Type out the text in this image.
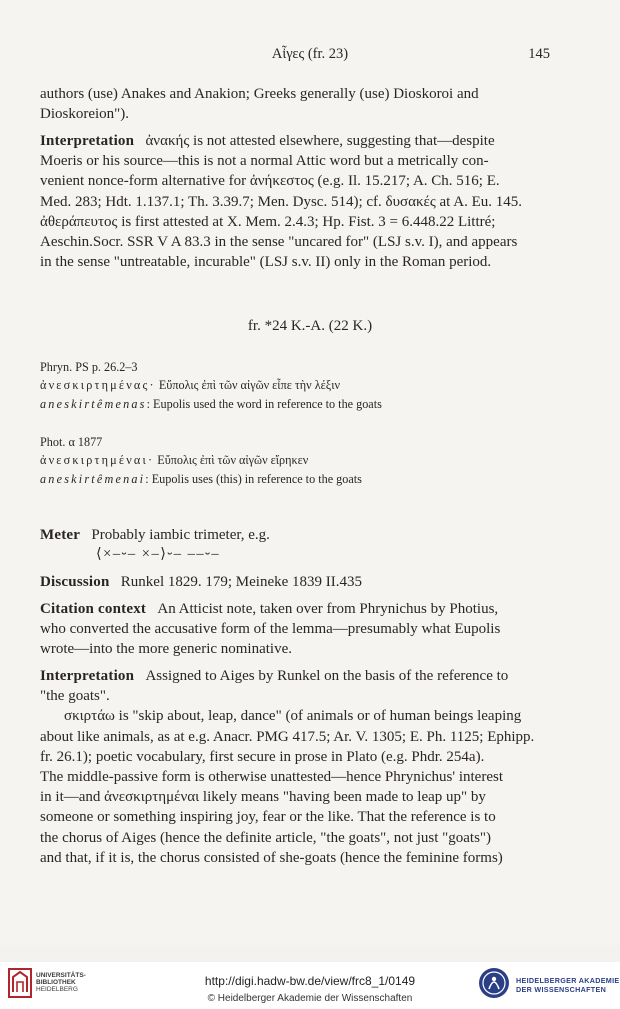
Αἶγες (fr. 23)	145
authors (use) Anakes and Anakion; Greeks generally (use) Dioskoroi and
Dioskoreion").
Interpretation ἀνακής is not attested elsewhere, suggesting that—despite
Moeris or his source—this is not a normal Attic word but a metrically con-
venient nonce-form alternative for ἀνήκεστος (e.g. Il. 15.217; A. Ch. 516; E.
Med. 283; Hdt. 1.137.1; Th. 3.39.7; Men. Dysc. 514); cf. δυσακές at A. Eu. 145.
ἀθεράπευτος is first attested at X. Mem. 2.4.3; Hp. Fist. 3 = 6.448.22 Littré;
Aeschin.Socr. SSR V A 83.3 in the sense "uncared for" (LSJ s.v. I), and appears
in the sense "untreatable, incurable" (LSJ s.v. II) only in the Roman period.
fr. *24 K.-A. (22 K.)
Phryn. PS p. 26.2–3
ἀνεσκιρτημένας· Εὔπολις ἐπὶ τῶν αἰγῶν εἶπε τὴν λέξιν
aneskirtêmenas: Eupolis used the word in reference to the goats
Phot. α 1877
ἀνεσκιρτημέναι· Εὔπολις ἐπὶ τῶν αἰγῶν εἴρηκεν
aneskirtêmenai: Eupolis uses (this) in reference to the goats
Meter Probably iambic trimeter, e.g.
⟨×–⏑– ×–⟩⏑– ––⏑–
Discussion Runkel 1829. 179; Meineke 1839 II.435
Citation context An Atticist note, taken over from Phrynichus by Photius,
who converted the accusative form of the lemma—presumably what Eupolis
wrote—into the more generic nominative.
Interpretation Assigned to Aiges by Runkel on the basis of the reference to
"the goats".
σκιρτάω is "skip about, leap, dance" (of animals or of human beings leaping
about like animals, as at e.g. Anacr. PMG 417.5; Ar. V. 1305; E. Ph. 1125; Ephipp.
fr. 26.1); poetic vocabulary, first secure in prose in Plato (e.g. Phdr. 254a).
The middle-passive form is otherwise unattested—hence Phrynichus' interest
in it—and ἀνεσκιρτημέναι likely means "having been made to leap up" by
someone or something inspiring joy, fear or the like. That the reference is to
the chorus of Aiges (hence the definite article, "the goats", not just "goats")
and that, if it is, the chorus consisted of she-goats (hence the feminine forms)
UNIVERSITÄTS-
BIBLIOTHEK
HEIDELBERG
http://digi.hadw-bw.de/view/frc8_1/0149
© Heidelberger Akademie der Wissenschaften
HEIDELBERGER AKADEMIE
DER WISSENSCHAFTEN
